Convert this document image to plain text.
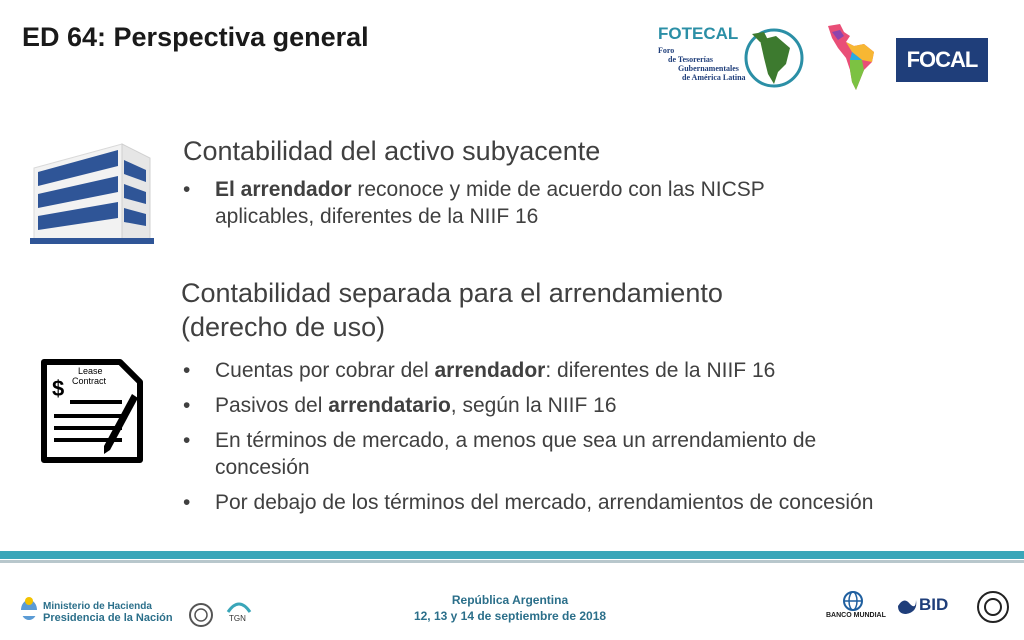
ED 64: Perspectiva general	FOTECAL
Foro
de Tesorerías
Gubernamentales
de América Latina
FOCAL
Contabilidad del activo subyacente
• El arrendador reconoce y mide de acuerdo con las NICSP aplicables, diferentes de la NIIF 16
Contabilidad separada para el arrendamiento
(derecho de uso)
Lease
Contract
$
• Cuentas por cobrar del arrendador: diferentes de la NIIF 16
• Pasivos del arrendatario, según la NIIF 16
• En términos de mercado, a menos que sea un arrendamiento de concesión
• Por debajo de los términos del mercado, arrendamientos de concesión
Ministerio de Hacienda
Presidencia de la Nación	TGN
República Argentina
12, 13 y 14 de septiembre de 2018	BANCO MUNDIAL
BID
